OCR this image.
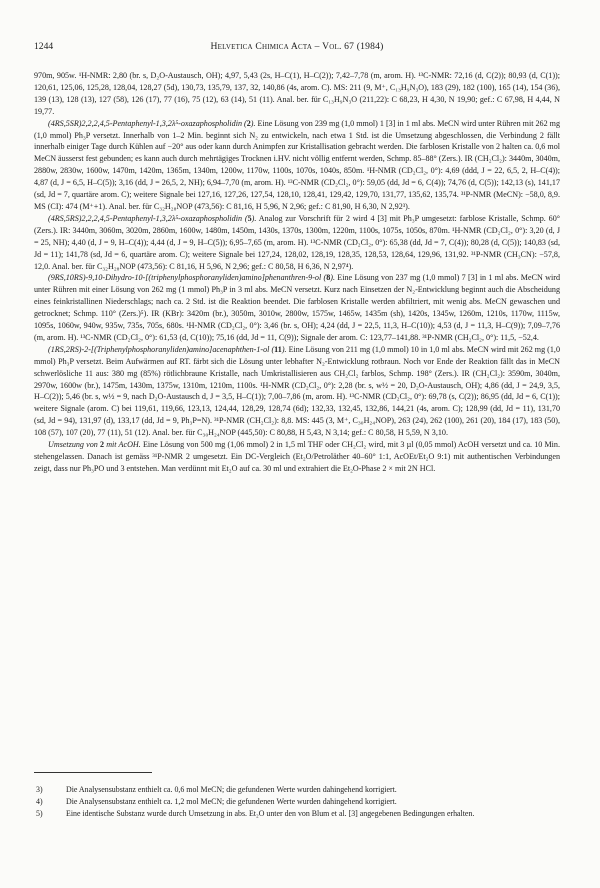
1244	Helvetica Chimica Acta – Vol. 67 (1984)

970m, 905w. ¹H-NMR: 2,80 (br. s, D₂O-Austausch, OH); 4,97, 5,43 (2s, H–C(1), H–C(2)); 7,42–7,78 (m, arom. H). ¹³C-NMR: 72,16 (d, C(2)); 80,93 (d, C(1)); 120,61, 125,06, 125,28, 128,04, 128,27 (5d), 130,73, 135,79, 137, 32, 140,86 (4s, arom. C). MS: 211 (9, M⁺, C₁₃H₉N₃O), 183 (29), 182 (100), 165 (14), 154 (36), 139 (13), 128 (13), 127 (58), 126 (17), 77 (16), 75 (12), 63 (14), 51 (11). Anal. ber. für C₁₃H₉N₃O (211,22): C 68,23, H 4,30, N 19,90; gef.: C 67,98, H 4,44, N 19,77.

(4RS,5SR)2,2,2,4,5-Pentaphenyl-1,3,2λ⁵-oxazaphospholidin (2). Eine Lösung von 239 mg (1,0 mmol) 1 [3] in 1 ml abs. MeCN wird unter Rühren mit 262 mg (1,0 mmol) Ph₃P versetzt. Innerhalb von 1–2 Min. beginnt sich N₂ zu entwickeln, nach etwa 1 Std. ist die Umsetzung abgeschlossen, die Verbindung 2 fällt innerhalb einiger Tage durch Kühlen auf −20° aus oder kann durch Animpfen zur Kristallisation gebracht werden. Die farblosen Kristalle von 2 halten ca. 0,6 mol MeCN äusserst fest gebunden; es kann auch durch mehrtägiges Trocknen i.HV. nicht völlig entfernt werden, Schmp. 85–88° (Zers.). IR (CH₂Cl₂): 3440m, 3040m, 2880w, 2830w, 1600w, 1470m, 1420m, 1365m, 1340m, 1200w, 1170w, 1100s, 1070s, 1040s, 850m. ¹H-NMR (CD₂Cl₂, 0°): 4,69 (ddd, J = 22, 6,5, 2, H–C(4)); 4,87 (d, J = 6,5, H–C(5)); 3,16 (dd, J = 26,5, 2, NH); 6,94–7,70 (m, arom. H). ¹³C-NMR (CD₂Cl₂, 0°): 59,05 (dd, Jd = 6, C(4)); 74,76 (d, C(5)); 142,13 (s), 141,17 (sd, Jd = 7, quartäre arom. C); weitere Signale bei 127,16, 127,26, 127,54, 128,10, 128,41, 129,42, 129,70, 131,77, 135,62, 135,74. ³¹P-NMR (MeCN): −58,0, 8,9. MS (CI): 474 (M⁺+1). Anal. ber. für C₃₂H₂₈NOP (473,56): C 81,16, H 5,96, N 2,96; gef.: C 81,90, H 6,30, N 2,92³).

(4RS,5RS)2,2,2,4,5-Pentaphenyl-1,3,2λ⁵-oxazaphospholidin (5). Analog zur Vorschrift für 2 wird 4 [3] mit Ph₃P umgesetzt: farblose Kristalle, Schmp. 60° (Zers.). IR: 3440m, 3060m, 3020m, 2860m, 1600w, 1480m, 1450m, 1430s, 1370s, 1300m, 1220m, 1100s, 1075s, 1050s, 870m. ¹H-NMR (CD₂Cl₂, 0°): 3,20 (d, J = 25, NH); 4,40 (d, J = 9, H–C(4)); 4,44 (d, J = 9, H–C(5)); 6,95–7,65 (m, arom. H). ¹³C-NMR (CD₂Cl₂, 0°): 65,38 (dd, Jd = 7, C(4)); 80,28 (d, C(5)); 140,83 (sd, Jd = 11); 141,78 (sd, Jd = 6, quartäre arom. C); weitere Signale bei 127,24, 128,02, 128,19, 128,35, 128,53, 128,64, 129,96, 131,92. ³¹P-NMR (CH₃CN): −57,8, 12,0. Anal. ber. für C₃₂H₂₈NOP (473,56): C 81,16, H 5,96, N 2,96; gef.: C 80,58, H 6,36, N 2,97⁴).

(9RS,10RS)-9,10-Dihydro-10-[(triphenylphosphoranyliden)amino]phenanthren-9-ol (8). Eine Lösung von 237 mg (1,0 mmol) 7 [3] in 1 ml abs. MeCN wird unter Rühren mit einer Lösung von 262 mg (1 mmol) Ph₃P in 3 ml abs. MeCN versetzt. Kurz nach Einsetzen der N₂-Entwicklung beginnt auch die Abscheidung eines feinkristallinen Niederschlags; nach ca. 2 Std. ist die Reaktion beendet. Die farblosen Kristalle werden abfiltriert, mit wenig abs. MeCN gewaschen und getrocknet; Schmp. 110° (Zers.)⁵). IR (KBr): 3420m (br.), 3050m, 3010w, 2800w, 1575w, 1465w, 1435m (sh), 1420s, 1345w, 1260m, 1210s, 1170w, 1115w, 1095s, 1060w, 940w, 935w, 735s, 705s, 680s. ¹H-NMR (CD₂Cl₂, 0°): 3,46 (br. s, OH); 4,24 (dd, J = 22,5, 11,3, H–C(10)); 4,53 (d, J = 11,3, H–C(9)); 7,09–7,76 (m, arom. H). ¹³C-NMR (CD₂Cl₂, 0°): 61,53 (d, C(10)); 75,16 (dd, Jd = 11, C(9)); Signale der arom. C: 123,77–141,88. ³¹P-NMR (CH₂Cl₂, 0°): 11,5, −52,4.

(1RS,2RS)-2-[(Triphenylphosphoranyliden)amino]acenaphthen-1-ol (11). Eine Lösung von 211 mg (1,0 mmol) 10 in 1,0 ml abs. MeCN wird mit 262 mg (1,0 mmol) Ph₃P versetzt. Beim Aufwärmen auf RT. färbt sich die Lösung unter lebhafter N₂-Entwicklung rotbraun. Noch vor Ende der Reaktion fällt das in MeCN schwerlösliche 11 aus: 380 mg (85%) rötlichbraune Kristalle, nach Umkristallisieren aus CH₂Cl₂ farblos, Schmp. 198° (Zers.). IR (CH₂Cl₂): 3590m, 3040m, 2970w, 1600w (br.), 1475m, 1430m, 1375w, 1310m, 1210m, 1100s. ¹H-NMR (CD₂Cl₂, 0°): 2,28 (br. s, w½ = 20, D₂O-Austausch, OH); 4,86 (dd, J = 24,9, 3,5, H–C(2)); 5,46 (br. s, w½ = 9, nach D₂O-Austausch d, J = 3,5, H–C(1)); 7,00–7,86 (m, arom. H). ¹³C-NMR (CD₂Cl₂, 0°): 69,78 (s, C(2)); 86,95 (dd, Jd = 6, C(1)); weitere Signale (arom. C) bei 119,61, 119,66, 123,13, 124,44, 128,29, 128,74 (6d); 132,33, 132,45, 132,86, 144,21 (4s, arom. C); 128,99 (dd, Jd = 11), 131,70 (sd, Jd = 94), 131,97 (d), 133,17 (dd, Jd = 9, Ph₃P=N). ³¹P-NMR (CH₂Cl₂): 8,8. MS: 445 (3, M⁺, C₃₀H₂₄NOP), 263 (24), 262 (100), 261 (20), 184 (17), 183 (50), 108 (57), 107 (20), 77 (11), 51 (12). Anal. ber. für C₃₀H₂₄NOP (445,50): C 80,88, H 5,43, N 3,14; gef.: C 80,58, H 5,59, N 3,10.

Umsetzung von 2 mit AcOH. Eine Lösung von 500 mg (1,06 mmol) 2 in 1,5 ml THF oder CH₂Cl₂ wird, mit 3 µl (0,05 mmol) AcOH versetzt und ca. 10 Min. stehengelassen. Danach ist gemäss ³¹P-NMR 2 umgesetzt. Ein DC-Vergleich (Et₂O/Petroläther 40–60° 1:1, AcOEt/Et₂O 9:1) mit authentischen Verbindungen zeigt, dass nur Ph₃PO und 3 entstehen. Man verdünnt mit Et₂O auf ca. 30 ml und extrahiert die Et₂O-Phase 2 × mit 2N HCl.

3)	Die Analysensubstanz enthielt ca. 0,6 mol MeCN; die gefundenen Werte wurden dahingehend korrigiert.
4)	Die Analysensubstanz enthielt ca. 1,2 mol MeCN; die gefundenen Werte wurden dahingehend korrigiert.
5)	Eine identische Substanz wurde durch Umsetzung in abs. Et₂O unter den von Blum et al. [3] angegebenen Bedingungen erhalten.
